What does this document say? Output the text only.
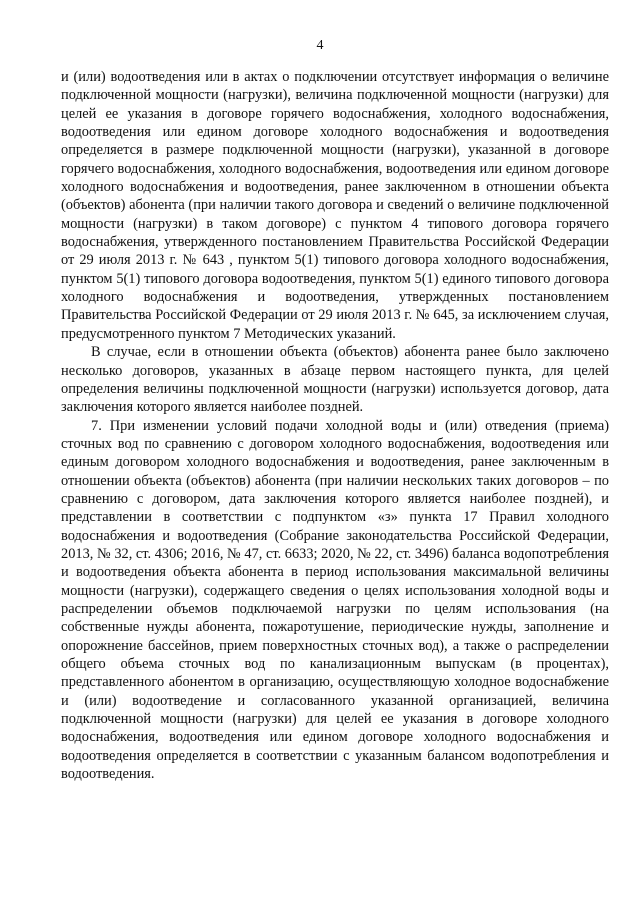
4

и (или) водоотведения или в актах о подключении отсутствует информация о величине подключенной мощности (нагрузки), величина подключенной мощности (нагрузки) для целей ее указания в договоре горячего водоснабжения, холодного водоснабжения, водоотведения или едином договоре холодного водоснабжения и водоотведения определяется в размере подключенной мощности (нагрузки), указанной в договоре горячего водоснабжения, холодного водоснабжения, водоотведения или едином договоре холодного водоснабжения и водоотведения, ранее заключенном в отношении объекта (объектов) абонента (при наличии такого договора и сведений о величине подключенной мощности (нагрузки) в таком договоре) с пунктом 4 типового договора горячего водоснабжения, утвержденного постановлением Правительства Российской Федерации от 29 июля 2013 г. № 643 , пунктом 5(1) типового договора холодного водоснабжения, пунктом 5(1) типового договора водоотведения, пунктом 5(1) единого типового договора холодного водоснабжения и водоотведения, утвержденных постановлением Правительства Российской Федерации от 29 июля 2013 г. № 645, за исключением случая, предусмотренного пунктом 7 Методических указаний.

В случае, если в отношении объекта (объектов) абонента ранее было заключено несколько договоров, указанных в абзаце первом настоящего пункта, для целей определения величины подключенной мощности (нагрузки) используется договор, дата заключения которого является наиболее поздней.

7. При изменении условий подачи холодной воды и (или) отведения (приема) сточных вод по сравнению с договором холодного водоснабжения, водоотведения или единым договором холодного водоснабжения и водоотведения, ранее заключенным в отношении объекта (объектов) абонента (при наличии нескольких таких договоров – по сравнению с договором, дата заключения которого является наиболее поздней), и представлении в соответствии с подпунктом «з» пункта 17 Правил холодного водоснабжения и водоотведения (Собрание законодательства Российской Федерации, 2013, № 32, ст. 4306; 2016, № 47, ст. 6633; 2020, № 22, ст. 3496) баланса водопотребления и водоотведения объекта абонента в период использования максимальной величины мощности (нагрузки), содержащего сведения о целях использования холодной воды и распределении объемов подключаемой нагрузки по целям использования (на собственные нужды абонента, пожаротушение, периодические нужды, заполнение и опорожнение бассейнов, прием поверхностных сточных вод), а также о распределении общего объема сточных вод по канализационным выпускам (в процентах), представленного абонентом в организацию, осуществляющую холодное водоснабжение и (или) водоотведение и согласованного указанной организацией, величина подключенной мощности (нагрузки) для целей ее указания в договоре холодного водоснабжения, водоотведения или едином договоре холодного водоснабжения и водоотведения определяется в соответствии с указанным балансом водопотребления и водоотведения.
